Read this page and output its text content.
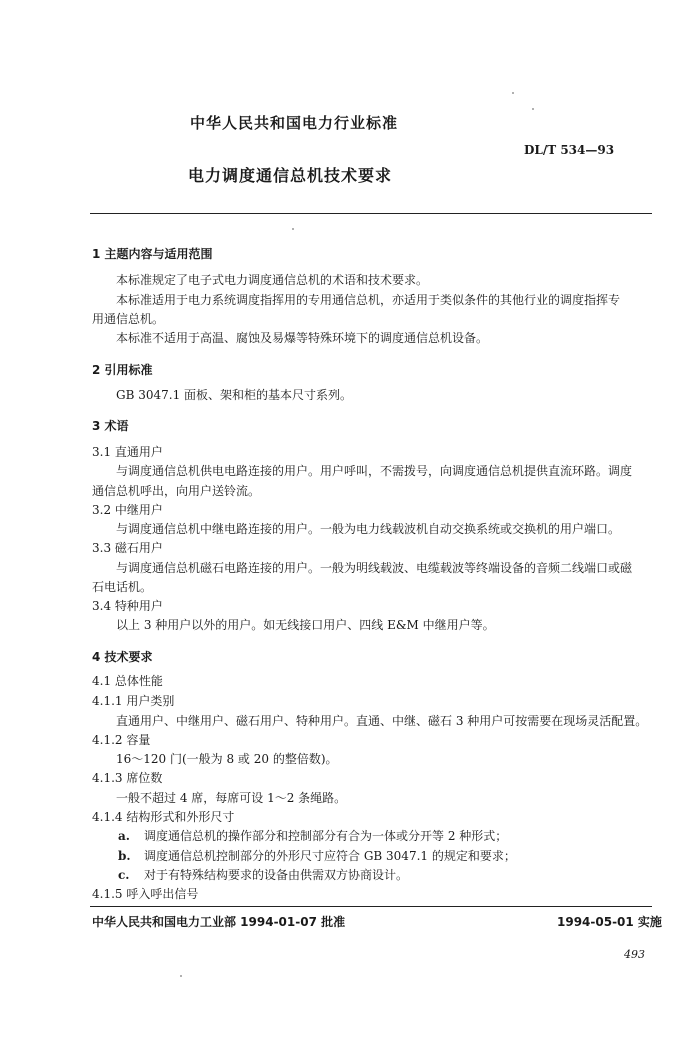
中华人民共和国电力行业标准
DL/T 534—93
电力调度通信总机技术要求
1 主题内容与适用范围
本标准规定了电子式电力调度通信总机的术语和技术要求。
本标准适用于电力系统调度指挥用的专用通信总机，亦适用于类似条件的其他行业的调度指挥专
用通信总机。
本标准不适用于高温、腐蚀及易爆等特殊环境下的调度通信总机设备。
2 引用标准
GB 3047.1 面板、架和柜的基本尺寸系列。
3 术语
3.1 直通用户
与调度通信总机供电电路连接的用户。用户呼叫，不需拨号，向调度通信总机提供直流环路。调度
通信总机呼出，向用户送铃流。
3.2 中继用户
与调度通信总机中继电路连接的用户。一般为电力线载波机自动交换系统或交换机的用户端口。
3.3 磁石用户
与调度通信总机磁石电路连接的用户。一般为明线载波、电缆载波等终端设备的音频二线端口或磁
石电话机。
3.4 特种用户
以上 3 种用户以外的用户。如无线接口用户、四线 E&M 中继用户等。
4 技术要求
4.1 总体性能
4.1.1 用户类别
直通用户、中继用户、磁石用户、特种用户。直通、中继、磁石 3 种用户可按需要在现场灵活配置。
4.1.2 容量
16～120 门(一般为 8 或 20 的整倍数)。
4.1.3 席位数
一般不超过 4 席，每席可设 1～2 条绳路。
4.1.4 结构形式和外形尺寸
a. 调度通信总机的操作部分和控制部分有合为一体或分开等 2 种形式；
b. 调度通信总机控制部分的外形尺寸应符合 GB 3047.1 的规定和要求；
c. 对于有特殊结构要求的设备由供需双方协商设计。
4.1.5 呼入呼出信号
中华人民共和国电力工业部 1994-01-07 批准	1994-05-01 实施
493
